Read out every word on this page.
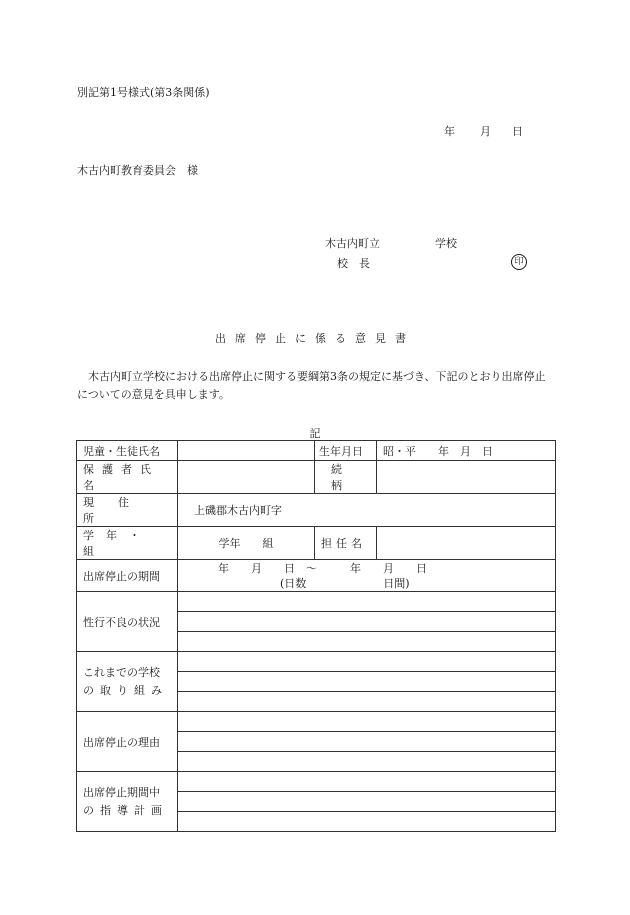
別記第1号様式(第3条関係)
年 月 日
木古内町教育委員会　様
木古内町立	学校
校　長	印
出席停止に係る意見書
木古内町立学校における出席停止に関する要綱第3条の規定に基づき、下記のとおり出席停止についての意見を具申します。
記
児童・生徒氏名		生年月日	昭・平　　年　月　日
保護者氏名		続柄	
現住所	上磯郡木古内町字		
学年・組	学年　　組	担任名	
出席停止の期間	年　　月　　日　〜　　　年　　月　　日
(日数　　　　　　　日間)		

性行不良の状況			

これまでの学校
の取り組み			

出席停止の理由			

出席停止期間中
の指導計画			
